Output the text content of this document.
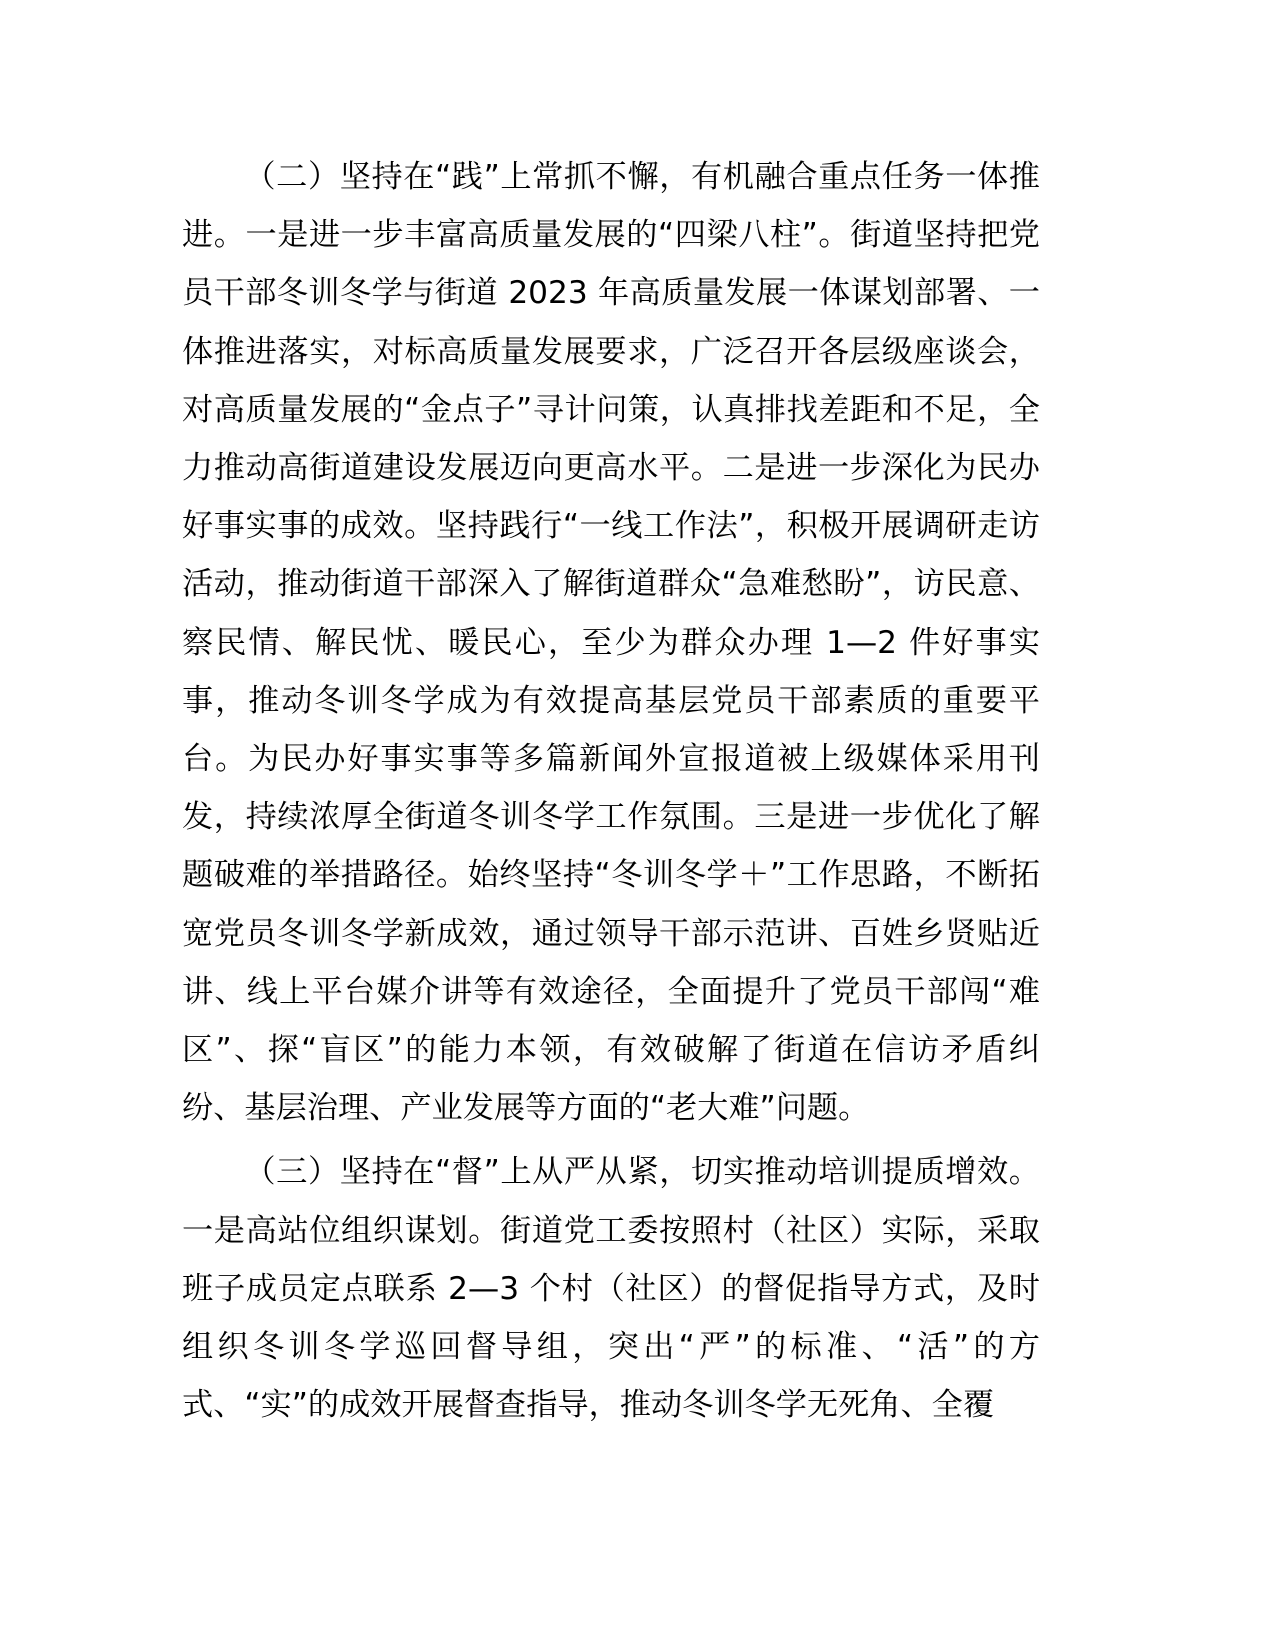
（二）坚持在“践”上常抓不懈，有机融合重点任务一体推进。一是进一步丰富高质量发展的“四梁八柱”。街道坚持把党员干部冬训冬学与街道 2023 年高质量发展一体谋划部署、一体推进落实，对标高质量发展要求，广泛召开各层级座谈会，对高质量发展的“金点子”寻计问策，认真排找差距和不足，全力推动高街道建设发展迈向更高水平。二是进一步深化为民办好事实事的成效。坚持践行“一线工作法”，积极开展调研走访活动，推动街道干部深入了解街道群众“急难愁盼”，访民意、察民情、解民忧、暖民心，至少为群众办理 1—2 件好事实事，推动冬训冬学成为有效提高基层党员干部素质的重要平台。为民办好事实事等多篇新闻外宣报道被上级媒体采用刊发，持续浓厚全街道冬训冬学工作氛围。三是进一步优化了解题破难的举措路径。始终坚持“冬训冬学＋”工作思路，不断拓宽党员冬训冬学新成效，通过领导干部示范讲、百姓乡贤贴近讲、线上平台媒介讲等有效途径，全面提升了党员干部闯“难区”、探“盲区”的能力本领，有效破解了街道在信访矛盾纠纷、基层治理、产业发展等方面的“老大难”问题。

（三）坚持在“督”上从严从紧，切实推动培训提质增效。一是高站位组织谋划。街道党工委按照村（社区）实际，采取班子成员定点联系 2—3 个村（社区）的督促指导方式，及时组织冬训冬学巡回督导组，突出“严”的标准、“活”的方式、“实”的成效开展督查指导，推动冬训冬学无死角、全覆
